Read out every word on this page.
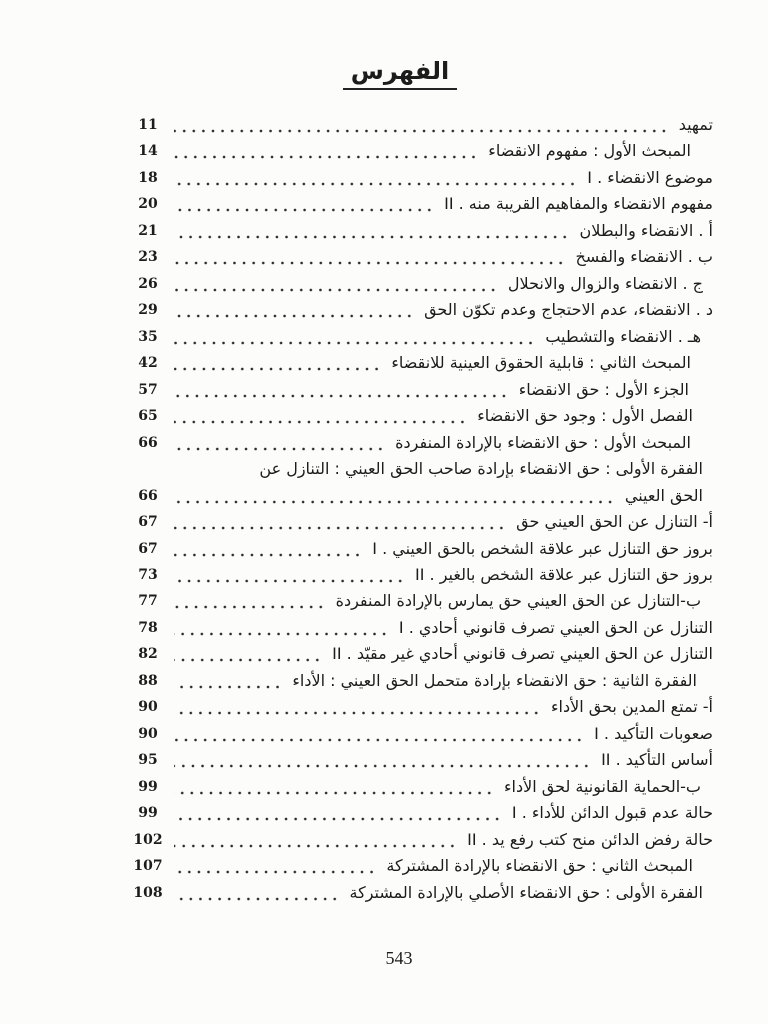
الفهرس
تمهيد
11
المبحث الأول : مفهوم الانقضاء
14
I . موضوع الانقضاء
18
II . مفهوم الانقضاء والمفاهيم القريبة منه
20
أ . الانقضاء والبطلان
21
ب . الانقضاء والفسخ
23
ج . الانقضاء والزوال والانحلال
26
د . الانقضاء، عدم الاحتجاج وعدم تكوّن الحق
29
هـ . الانقضاء والتشطيب
35
المبحث الثاني : قابلية الحقوق العينية للانقضاء
42
الجزء الأول : حق الانقضاء
57
الفصل الأول : وجود حق الانقضاء
65
المبحث الأول : حق الانقضاء بالإرادة المنفردة
66
الفقرة الأولى : حق الانقضاء بإرادة صاحب الحق العيني : التنازل عن
الحق العيني
66
أ- التنازل عن الحق العيني حق
67
I . بروز حق التنازل عبر علاقة الشخص بالحق العيني
67
II . بروز حق التنازل عبر علاقة الشخص بالغير
73
ب-التنازل عن الحق العيني حق يمارس بالإرادة المنفردة
77
I . التنازل عن الحق العيني تصرف قانوني أحادي
78
II . التنازل عن الحق العيني تصرف قانوني أحادي غير مقيّد
82
الفقرة الثانية : حق الانقضاء بإرادة متحمل الحق العيني : الأداء
88
أ- تمتع المدين بحق الأداء
90
I . صعوبات التأكيد
90
II . أساس التأكيد
95
ب-الحماية القانونية لحق الأداء
99
I . حالة عدم قبول الدائن للأداء
99
II . حالة رفض الدائن منح كتب رفع يد
102
المبحث الثاني : حق الانقضاء بالإرادة المشتركة
107
الفقرة الأولى : حق الانقضاء الأصلي بالإرادة المشتركة
108
543
